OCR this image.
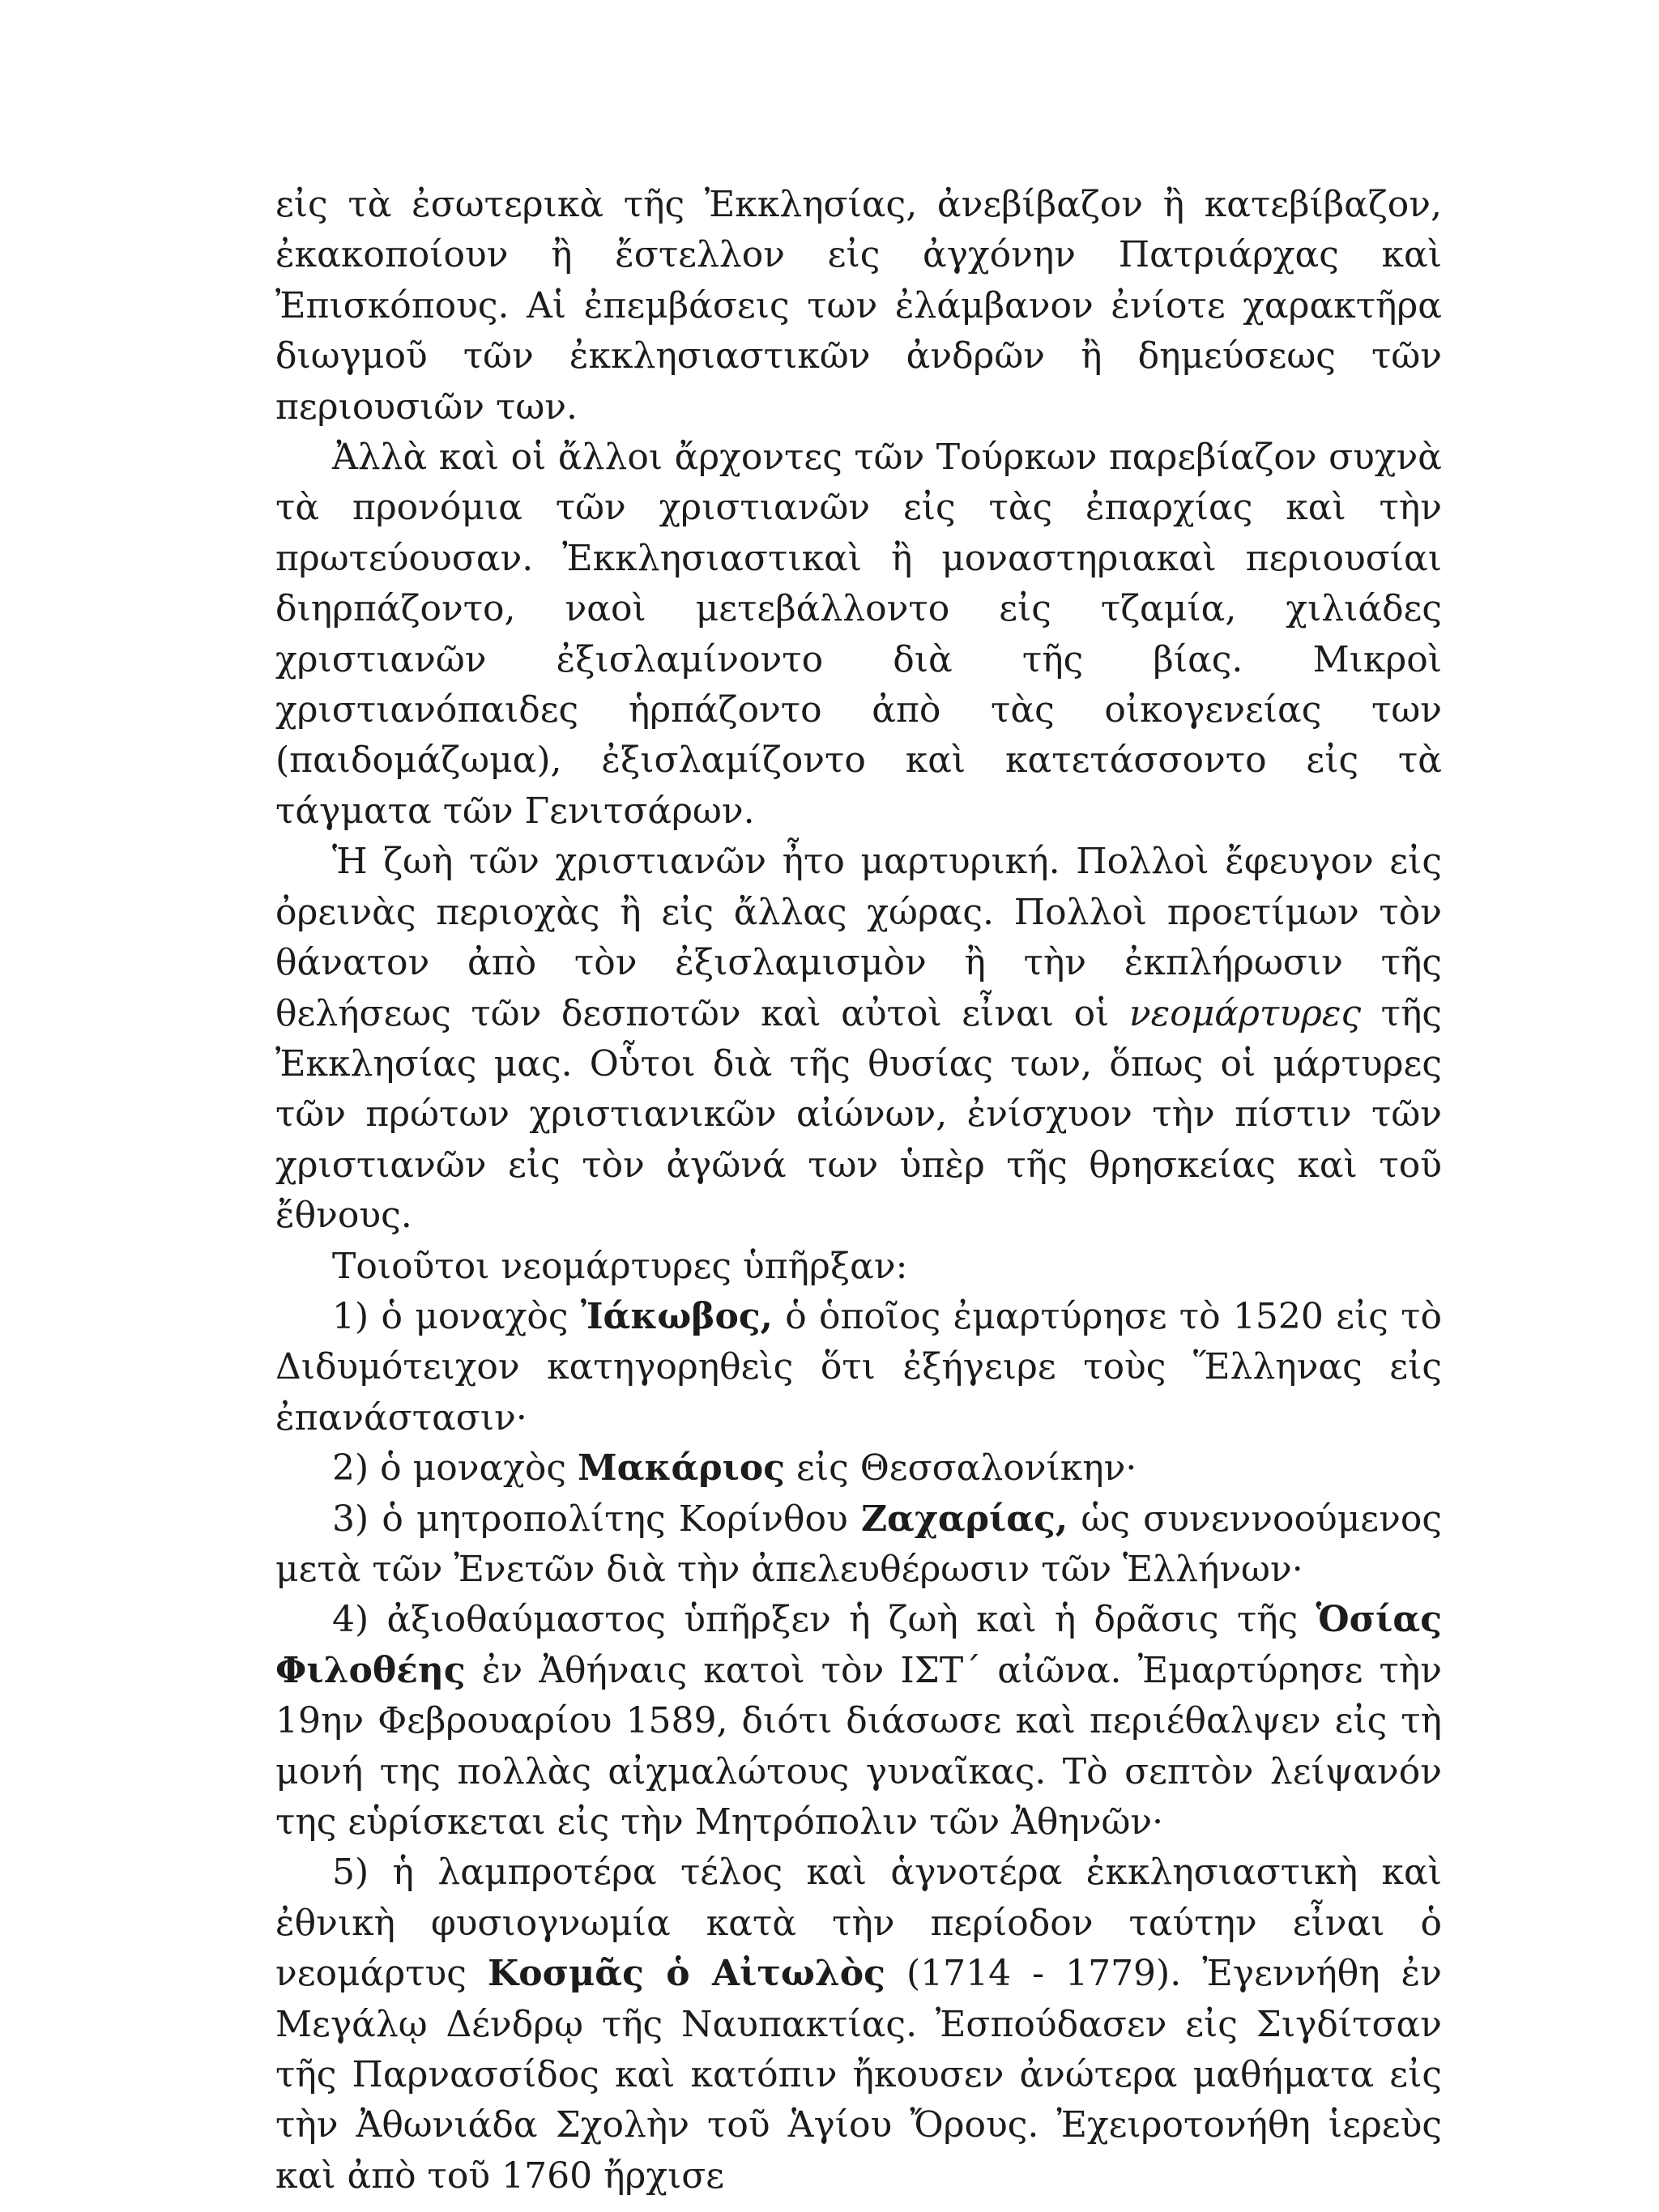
εἰς τὰ ἐσωτερικὰ τῆς Ἐκκλησίας, ἀνεβίβαζον ἢ κατεβίβαζον, ἐκακοποίουν ἢ ἔστελλον εἰς ἀγχόνην Πατριάρχας καὶ Ἐπισκόπους. Αἱ ἐπεμβάσεις των ἐλάμβανον ἐνίοτε χαρακτῆρα διωγμοῦ τῶν ἐκκλησιαστικῶν ἀνδρῶν ἢ δημεύσεως τῶν περιουσιῶν των.

Ἀλλὰ καὶ οἱ ἄλλοι ἄρχοντες τῶν Τούρκων παρεβίαζον συχνὰ τὰ προνόμια τῶν χριστιανῶν εἰς τὰς ἐπαρχίας καὶ τὴν πρωτεύουσαν. Ἐκκλησιαστικαὶ ἢ μοναστηριακαὶ περιουσίαι διηρπάζοντο, ναοὶ μετεβάλλοντο εἰς τζαμία, χιλιάδες χριστιανῶν ἐξισλαμίνοντο διὰ τῆς βίας. Μικροὶ χριστιανόπαιδες ἡρπάζοντο ἀπὸ τὰς οἰκογενείας των (παιδομάζωμα), ἐξισλαμίζοντο καὶ κατετάσσοντο εἰς τὰ τάγματα τῶν Γενιτσάρων.

Ἡ ζωὴ τῶν χριστιανῶν ἦτο μαρτυρική. Πολλοὶ ἔφευγον εἰς ὀρεινὰς περιοχὰς ἢ εἰς ἄλλας χώρας. Πολλοὶ προετίμων τὸν θάνατον ἀπὸ τὸν ἐξισλαμισμὸν ἢ τὴν ἐκπλήρωσιν τῆς θελήσεως τῶν δεσποτῶν καὶ αὐτοὶ εἶναι οἱ νεομάρτυρες τῆς Ἐκκλησίας μας. Οὗτοι διὰ τῆς θυσίας των, ὅπως οἱ μάρτυρες τῶν πρώτων χριστιανικῶν αἰώνων, ἐνίσχυον τὴν πίστιν τῶν χριστιανῶν εἰς τὸν ἀγῶνά των ὑπὲρ τῆς θρησκείας καὶ τοῦ ἔθνους.

Τοιοῦτοι νεομάρτυρες ὑπῆρξαν:

1) ὁ μοναχὸς Ἰάκωβος, ὁ ὁποῖος ἐμαρτύρησε τὸ 1520 εἰς τὸ Διδυμότειχον κατηγορηθεὶς ὅτι ἐξήγειρε τοὺς Ἕλληνας εἰς ἐπανάστασιν·

2) ὁ μοναχὸς Μακάριος εἰς Θεσσαλονίκην·

3) ὁ μητροπολίτης Κορίνθου Ζαχαρίας, ὡς συνεννοούμενος μετὰ τῶν Ἐνετῶν διὰ τὴν ἀπελευθέρωσιν τῶν Ἑλλήνων·

4) ἀξιοθαύμαστος ὑπῆρξεν ἡ ζωὴ καὶ ἡ δρᾶσις τῆς Ὁσίας Φιλοθέης ἐν Ἀθήναις κατοὶ τὸν ΙΣΤ΄ αἰῶνα. Ἐμαρτύρησε τὴν 19ην Φεβρουαρίου 1589, διότι διάσωσε καὶ περιέθαλψεν εἰς τὴ μονή της πολλὰς αἰχμαλώτους γυναῖκας. Τὸ σεπτὸν λείψανόν της εὑρίσκεται εἰς τὴν Μητρόπολιν τῶν Ἀθηνῶν·

5) ἡ λαμπροτέρα τέλος καὶ ἁγνοτέρα ἐκκλησιαστικὴ καὶ ἐθνικὴ φυσιογνωμία κατὰ τὴν περίοδον ταύτην εἶναι ὁ νεομάρτυς Κοσμᾶς ὁ Αἰτωλὸς (1714 - 1779). Ἐγεννήθη ἐν Μεγάλῳ Δένδρῳ τῆς Ναυπακτίας. Ἐσπούδασεν εἰς Σιγδίτσαν τῆς Παρνασσίδος καὶ κατόπιν ἤκουσεν ἀνώτερα μαθήματα εἰς τὴν Ἀθωνιάδα Σχολὴν τοῦ Ἁγίου Ὄρους. Ἐχειροτονήθη ἱερεὺς καὶ ἀπὸ τοῦ 1760 ἤρχισε
